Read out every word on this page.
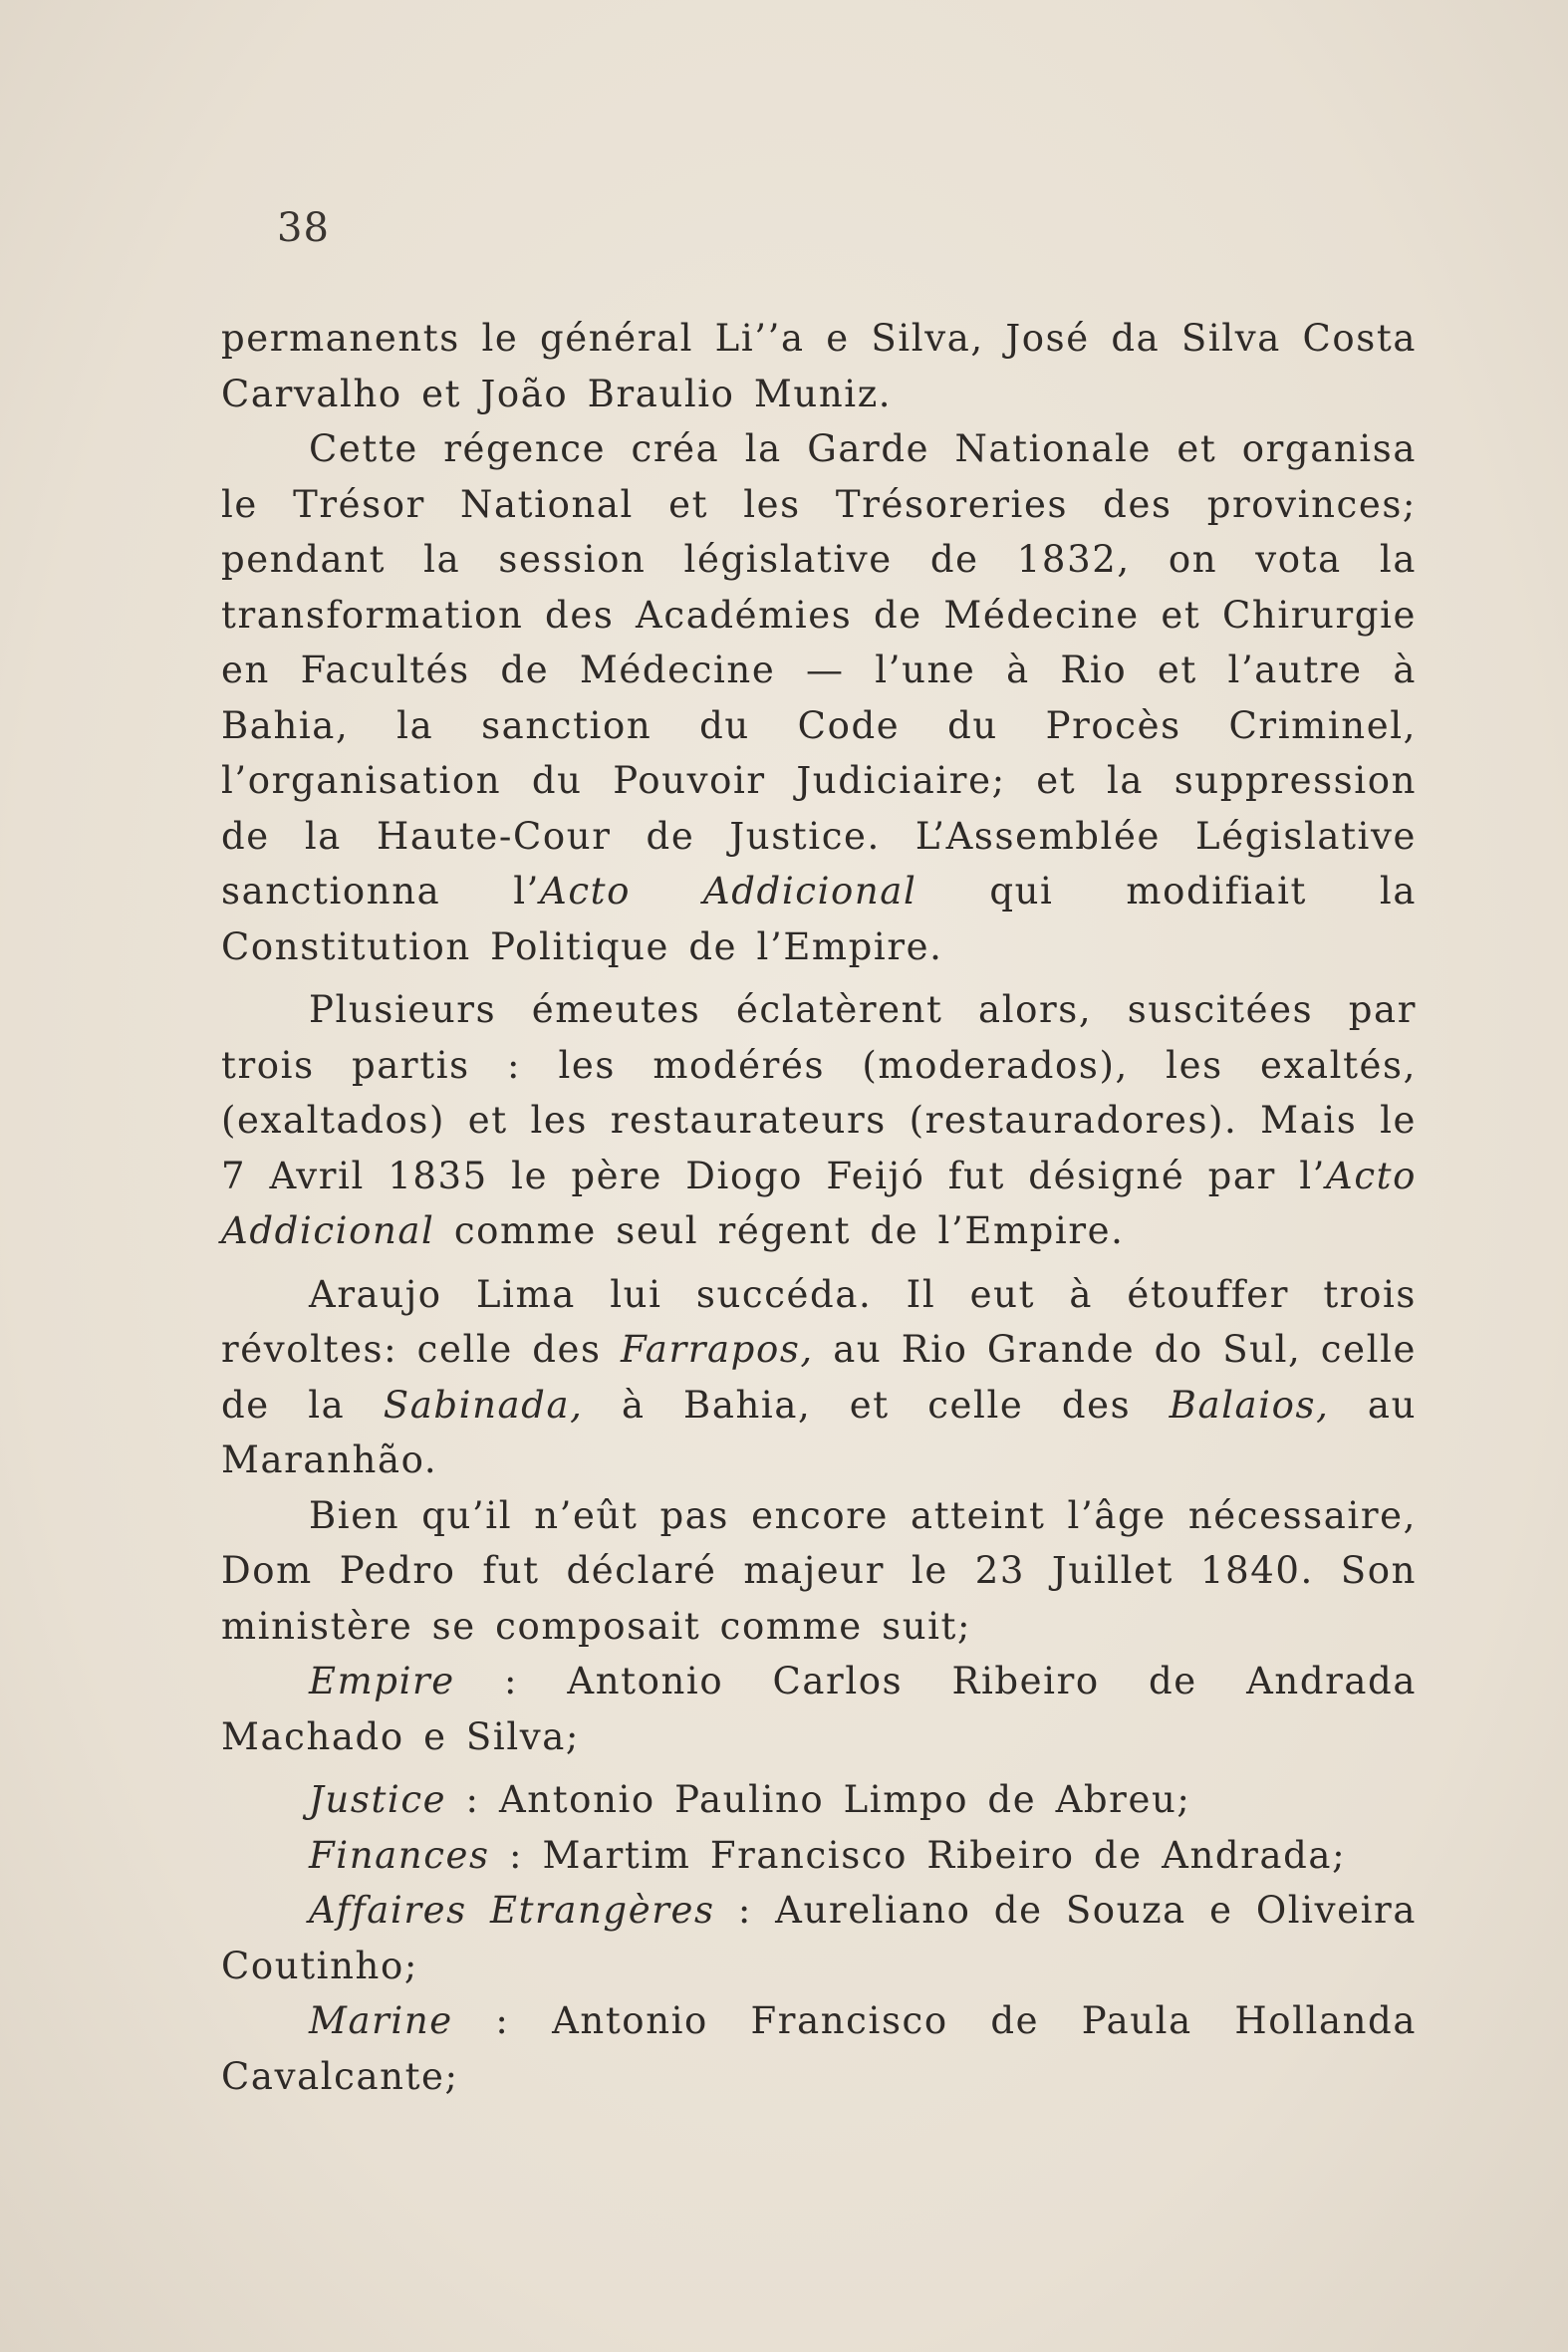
38

permanents le général Li’’a e Silva, José da Silva Costa Carvalho et João Braulio Muniz.

Cette régence créa la Garde Nationale et organisa le Trésor National et les Trésoreries des provinces; pendant la session législative de 1832, on vota la transformation des Académies de Médecine et Chirurgie en Facultés de Médecine — l’une à Rio et l’autre à Bahia, la sanction du Code du Procès Criminel, l’organisation du Pouvoir Judiciaire; et la suppression de la Haute-Cour de Justice. L’Assemblée Législative sanctionna l’Acto Addicional qui modifiait la Constitution Politique de l’Empire.

Plusieurs émeutes éclatèrent alors, suscitées par trois partis : les modérés (moderados), les exaltés, (exaltados) et les restaurateurs (restauradores). Mais le 7 Avril 1835 le père Diogo Feijó fut désigné par l’Acto Addicional comme seul régent de l’Empire.

Araujo Lima lui succéda. Il eut à étouffer trois révoltes: celle des Farrapos, au Rio Grande do Sul, celle de la Sabinada, à Bahia, et celle des Balaios, au Maranhão.

Bien qu’il n’eût pas encore atteint l’âge nécessaire, Dom Pedro fut déclaré majeur le 23 Juillet 1840. Son ministère se composait comme suit;

Empire : Antonio Carlos Ribeiro de Andrada Machado e Silva;

Justice : Antonio Paulino Limpo de Abreu;

Finances : Martim Francisco Ribeiro de Andrada;

Affaires Etrangères : Aureliano de Souza e Oliveira Coutinho;

Marine : Antonio Francisco de Paula Hollanda Cavalcante;
